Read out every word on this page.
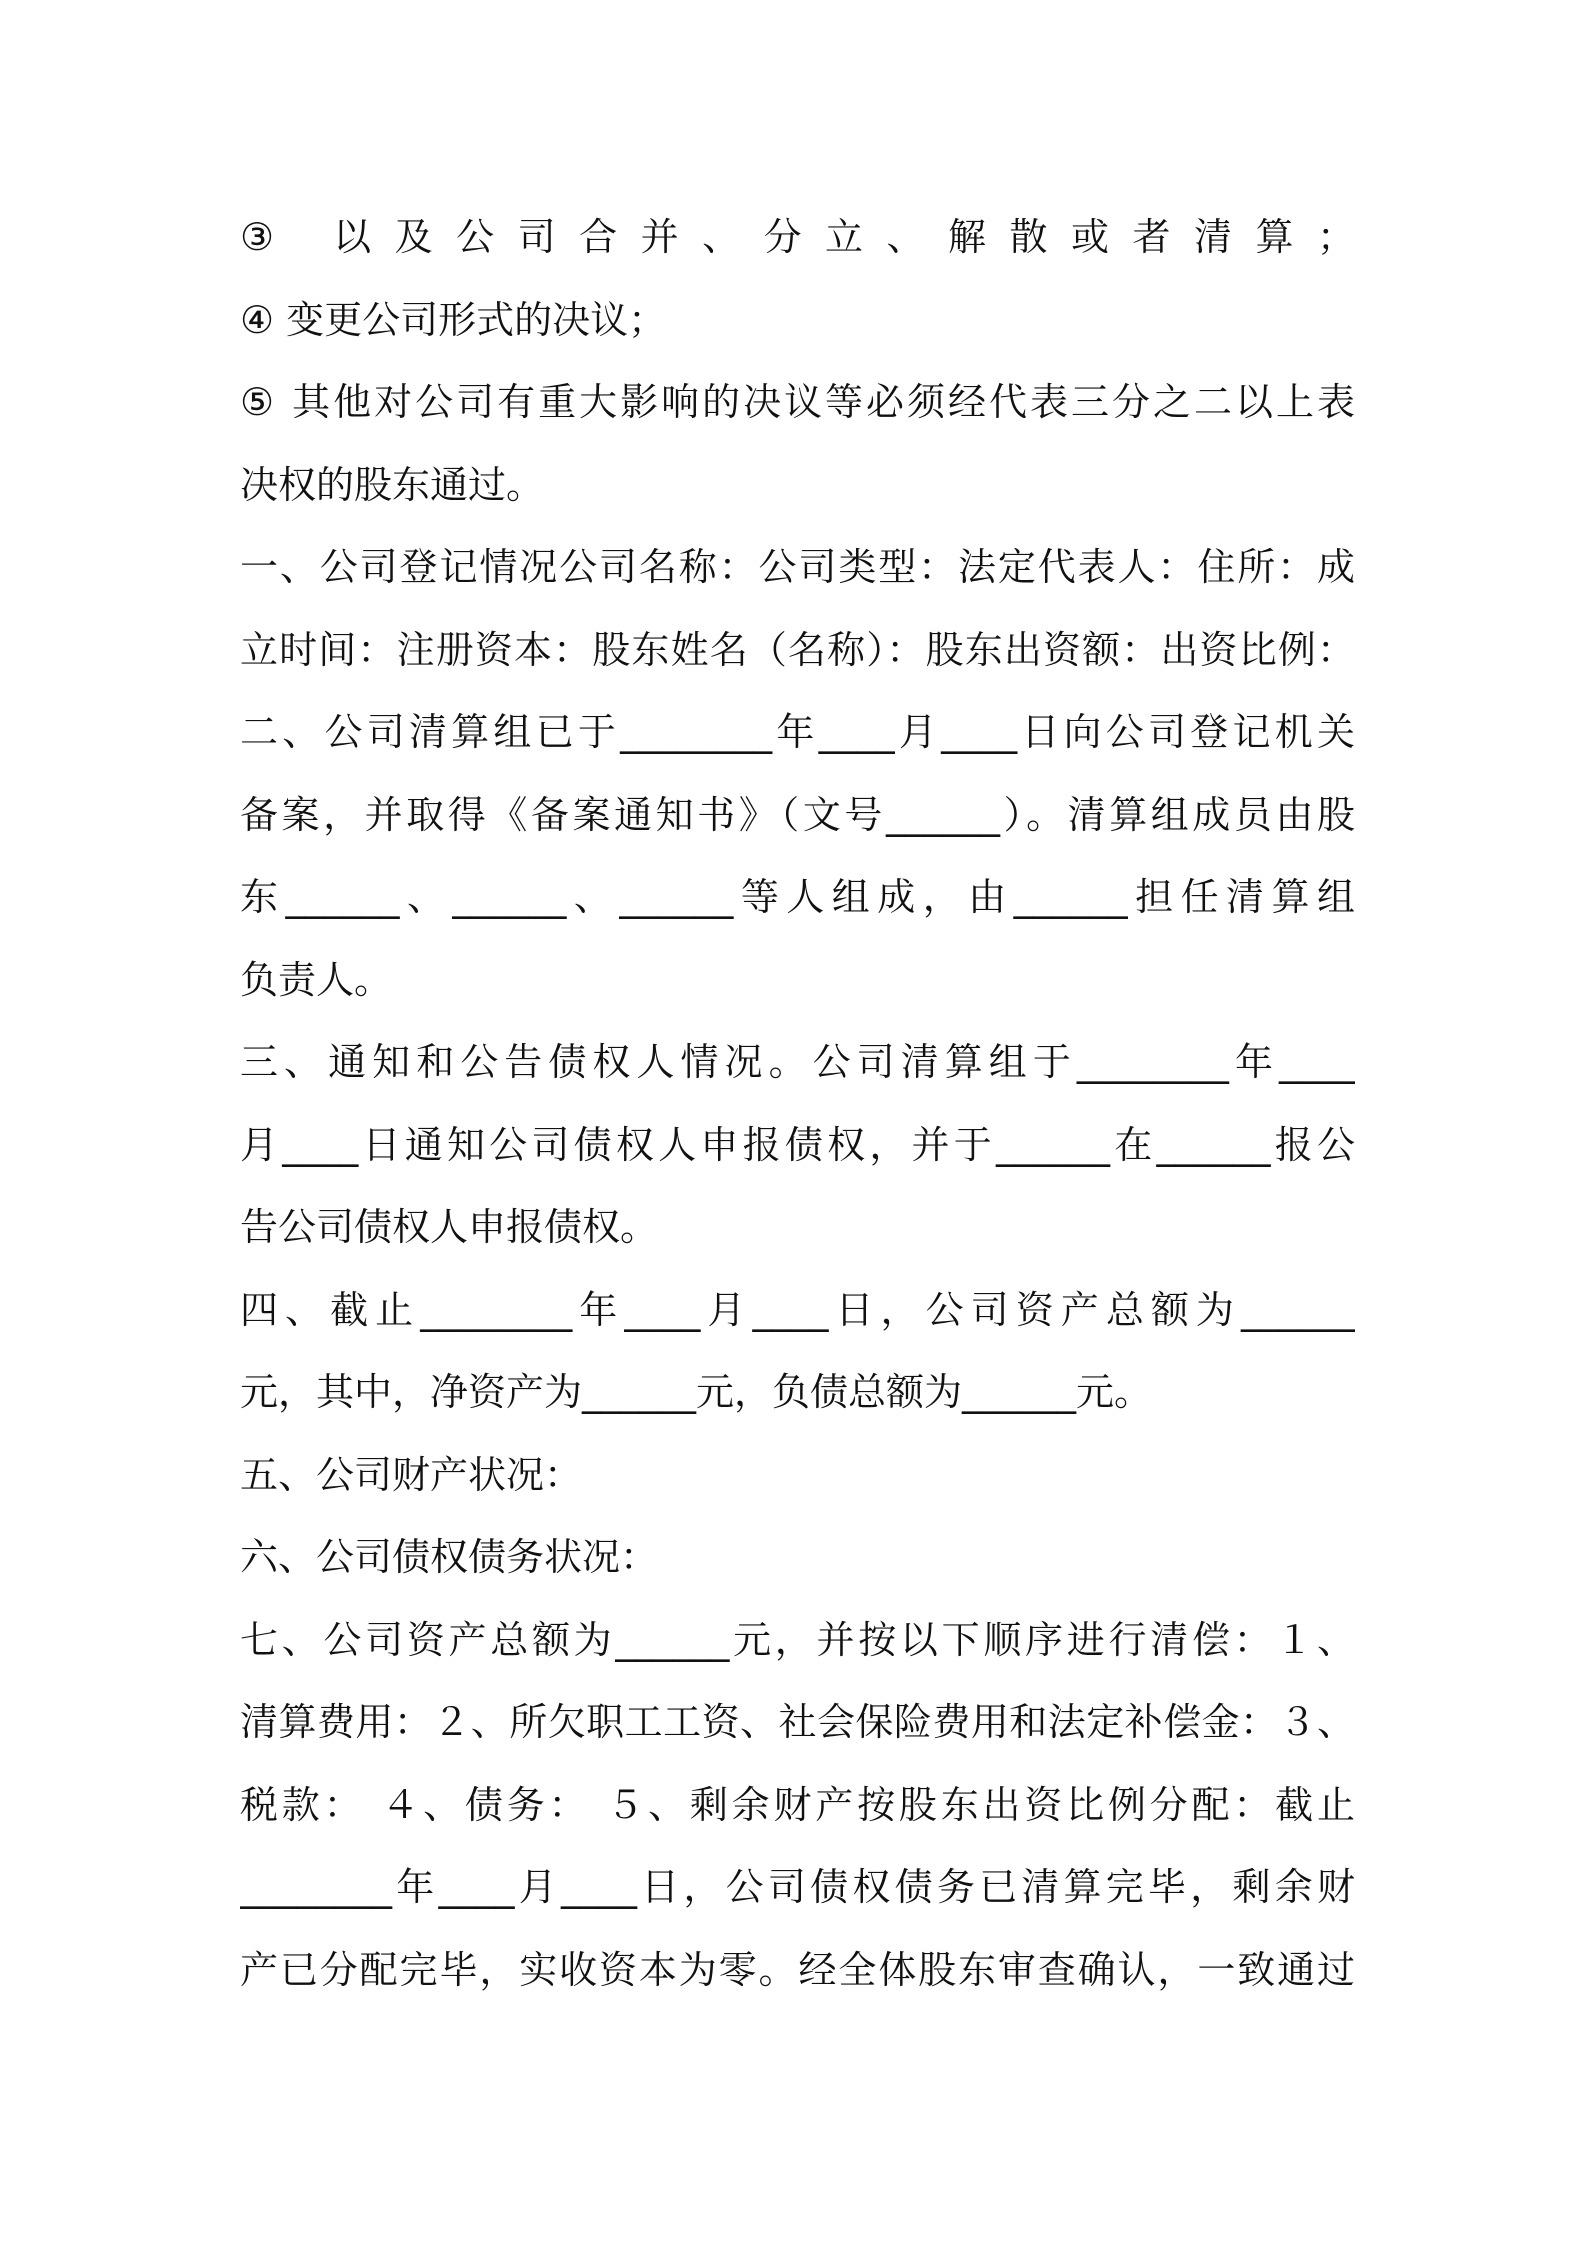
③ 以及公司合并、分立、解散或者清算；
④ 变更公司形式的决议；
⑤ 其他对公司有重大影响的决议等必须经代表三分之二以上表
决权的股东通过。
一、公司登记情况公司名称：公司类型：法定代表人：住所：成
立时间：注册资本：股东姓名（名称）：股东出资额：出资比例：
二、公司清算组已于________年____月____日向公司登记机关
备案，并取得《备案通知书》（文号______）。清算组成员由股
东______、______、______等人组成，由______担任清算组
负责人。
三、通知和公告债权人情况。公司清算组于________年____
月____日通知公司债权人申报债权，并于______在______报公
告公司债权人申报债权。
四、截止________年____月____日，公司资产总额为______
元，其中，净资产为______元，负债总额为______元。
五、公司财产状况：
六、公司债权债务状况：
七、公司资产总额为______元，并按以下顺序进行清偿：１、
清算费用：２、所欠职工工资、社会保险费用和法定补偿金：３、
税款： ４、债务： ５、剩余财产按股东出资比例分配：截止
________年____月____日，公司债权债务已清算完毕，剩余财
产已分配完毕，实收资本为零。经全体股东审查确认，一致通过
